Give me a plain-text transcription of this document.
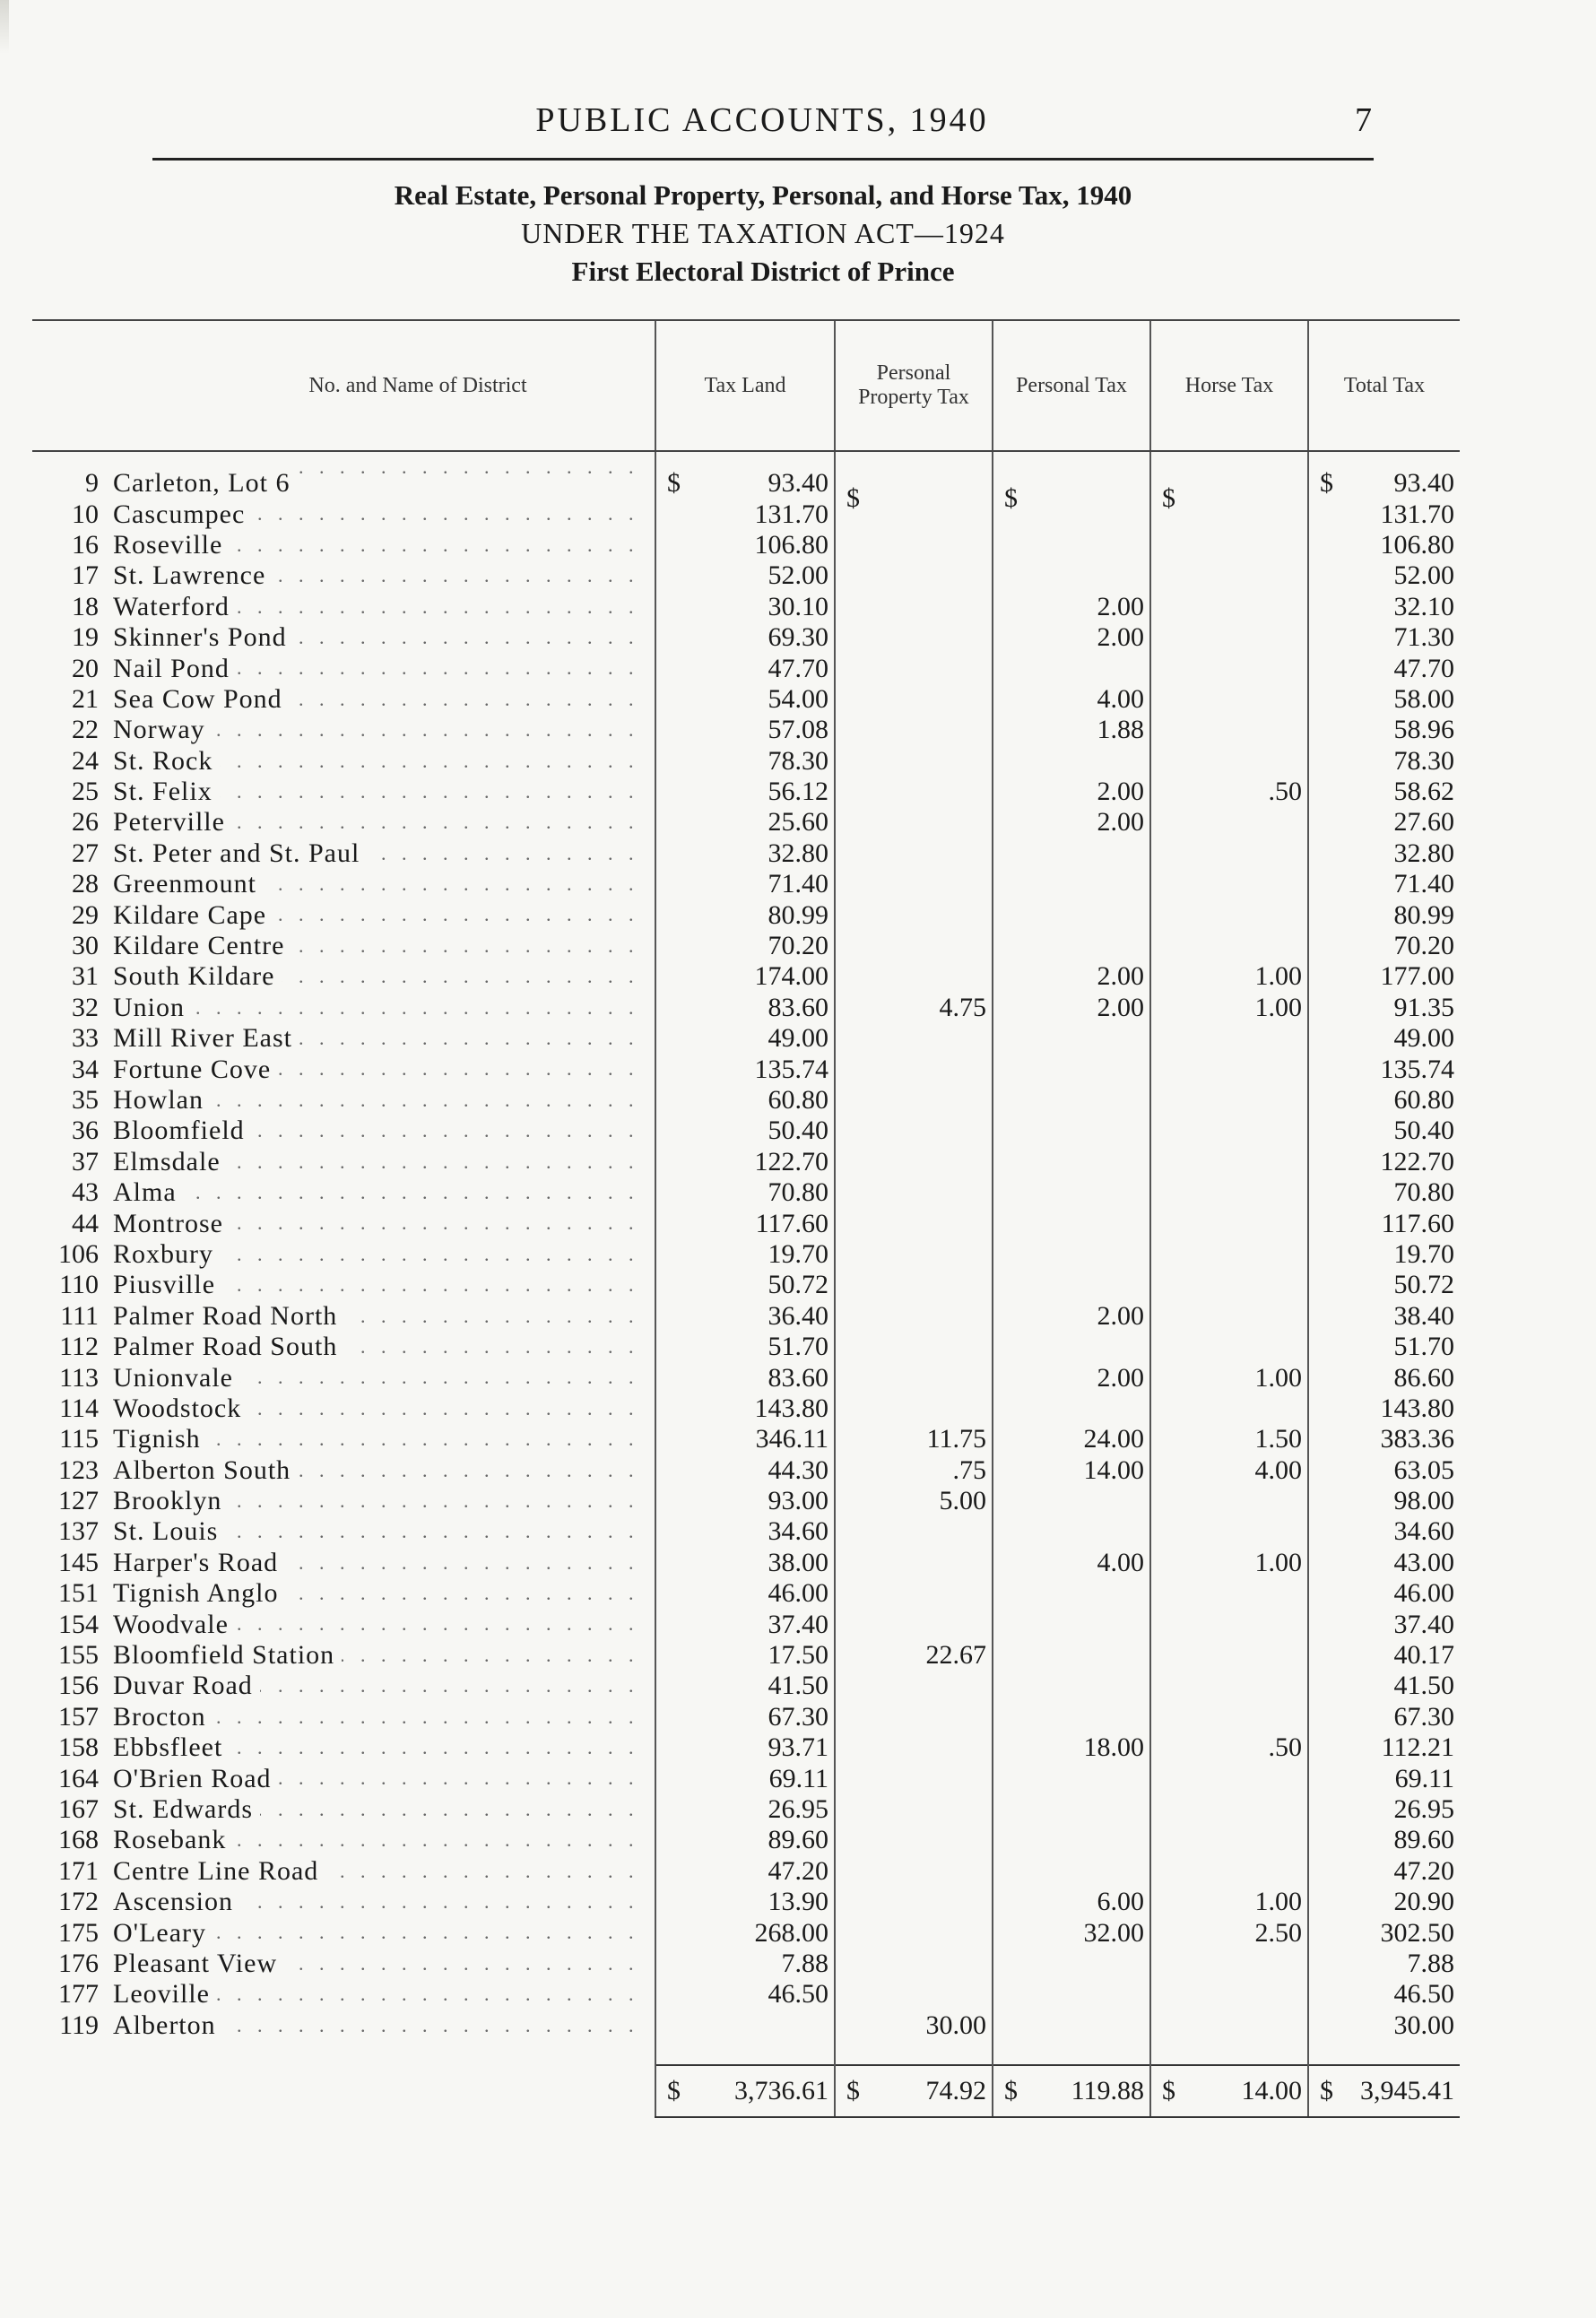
PUBLIC ACCOUNTS, 1940	7
Real Estate, Personal Property, Personal, and Horse Tax, 1940
UNDER THE TAXATION ACT—1924
First Electoral District of Prince
	No. and Name of District	Tax Land	Personal Property Tax	Personal Tax	Horse Tax	Total Tax
9	
. . .
Carleton, Lot 6	$ 93.40	$	$	$	$ 93.40
10	
. . .Cascumpec	131.70				131.70
16	
. . .Roseville	106.80				106.80
17	
. . .St. Lawrence	52.00				52.00
18	
. . .Waterford	30.10		2.00		32.10
19	
. . .Skinner's Pond	69.30		2.00		71.30
20	
. . .Nail Pond	47.70				47.70
21	
. . .Sea Cow Pond	54.00		4.00		58.00
22	
. . .Norway	57.08		1.88		58.96
24	
. . .St. Rock	78.30				78.30
25	
. . .St. Felix	56.12		2.00	.50	58.62
26	
. . .Peterville	25.60		2.00		27.60
27	
. . .St. Peter and St. Paul	32.80				32.80
28	
. . .Greenmount	71.40				71.40
29	
. . .Kildare Cape	80.99				80.99
30	
. . .Kildare Centre	70.20				70.20
31	
. . .South Kildare	174.00		2.00	1.00	177.00
32	
. . .Union	83.60	4.75	2.00	1.00	91.35
33	
. . .Mill River East	49.00				49.00
34	
. . .Fortune Cove	135.74				135.74
35	
. . .Howlan	60.80				60.80
36	
. . .Bloomfield	50.40				50.40
37	
. . .Elmsdale	122.70				122.70
43	
. . .Alma	70.80				70.80
44	
. . .Montrose	117.60				117.60
106	
. . .Roxbury	19.70				19.70
110	
. . .Piusville	50.72				50.72
111	
. . .Palmer Road North	36.40		2.00		38.40
112	
. . .Palmer Road South	51.70				51.70
113	
. . .Unionvale	83.60		2.00	1.00	86.60
114	
. . .Woodstock	143.80				143.80
115	
. . .Tignish	346.11	11.75	24.00	1.50	383.36
123	
. . .Alberton South	44.30	.75	14.00	4.00	63.05
127	
. . .Brooklyn	93.00	5.00			98.00
137	
. . .St. Louis	34.60				34.60
145	
. . .Harper's Road	38.00		4.00	1.00	43.00
151	
. . .Tignish Anglo	46.00				46.00
154	
. . .Woodvale	37.40				37.40
155	
. . .Bloomfield Station	17.50	22.67			40.17
156	
. . .Duvar Road	41.50				41.50
157	
. . .Brocton	67.30				67.30
158	
. . .Ebbsfleet	93.71		18.00	.50	112.21
164	
. . .O'Brien Road	69.11				69.11
167	
. . .St. Edwards	26.95				26.95
168	
. . .Rosebank	89.60				89.60
171	
. . .Centre Line Road	47.20				47.20
172	
. . .Ascension	13.90		6.00	1.00	20.90
175	
. . .O'Leary	268.00		32.00	2.50	302.50
176	
. . .Pleasant View	7.88				7.88
177	
. . .Leoville	46.50				46.50
119	
. . .Alberton		30.00			30.00

		$ 3,736.61	$ 74.92	$ 119.88	$ 14.00	$ 3,945.41
